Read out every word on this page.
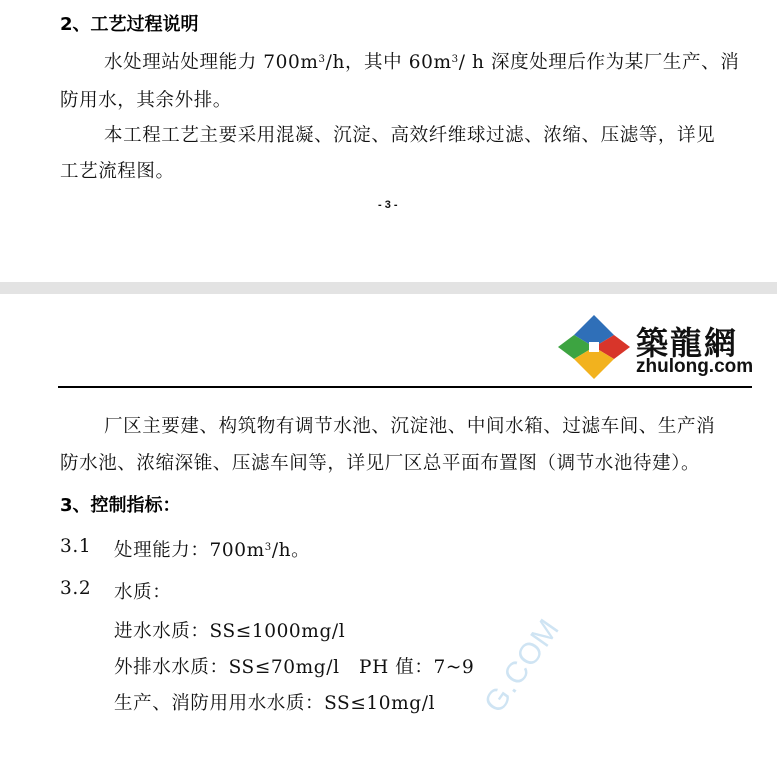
2、工艺过程说明
水处理站处理能力 $700m^3/h$，其中 $60m^3/$ h 深度处理后作为某厂生产、消
防用水，其余外排。
本工程工艺主要采用混凝、沉淀、高效纤维球过滤、浓缩、压滤等，详见
工艺流程图。
- 3 -
築龍網
zhulong.com
厂区主要建、构筑物有调节水池、沉淀池、中间水箱、过滤车间、生产消
防水池、浓缩深锥、压滤车间等，详见厂区总平面布置图（调节水池待建）。
3、控制指标：
3.1 处理能力：$700m^3/h$。
3.2 水质：
进水水质：SS≤1000mg/l
外排水水质：SS≤70mg/l   PH 值：7~9
生产、消防用用水水质：SS≤10mg/l G.COM
